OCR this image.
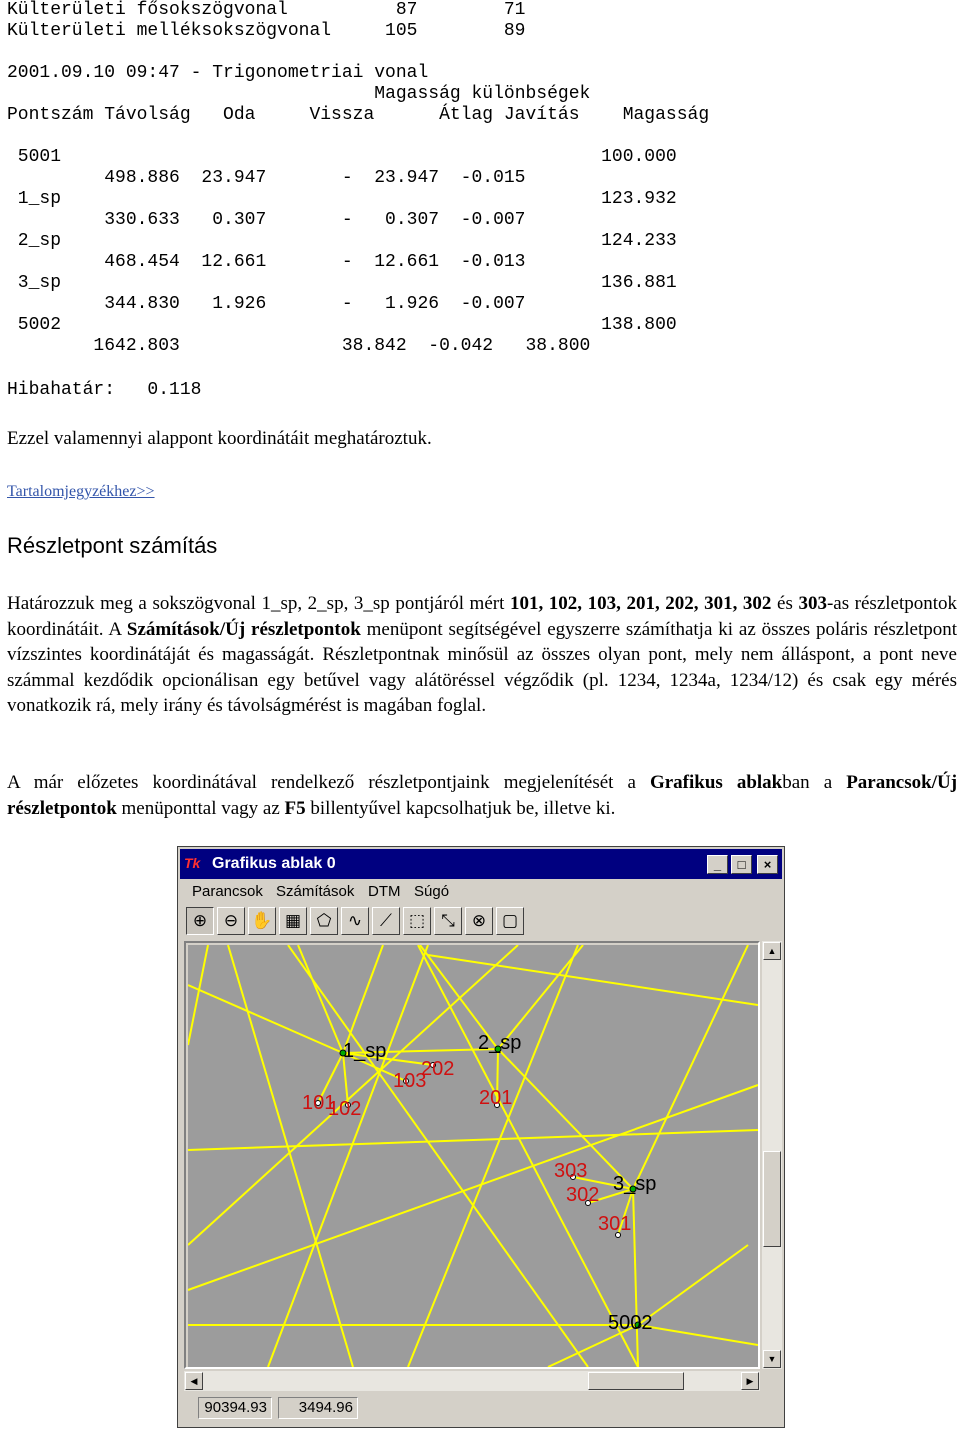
Külterületi fősokszögvonal          87        71
Külterületi melléksokszögvonal     105        89
2001.09.10 09:47 - Trigonometriai vonal
Magasság különbségek
Pontszám Távolság   Oda     Vissza      Átlag Javítás    Magasság

5001                                                  100.000
498.886  23.947       -  23.947  -0.015
1_sp                                                  123.932
330.633   0.307       -   0.307  -0.007
2_sp                                                  124.233
468.454  12.661       -  12.661  -0.013
3_sp                                                  136.881
344.830   1.926       -   1.926  -0.007
5002                                                  138.800
1642.803               38.842  -0.042   38.800
Hibahatár:   0.118
Ezzel valamennyi alappont koordinátáit meghatároztuk.
Tartalomjegyzékhez>>
Részletpont számítás

Határozzuk meg a sokszögvonal 1_sp, 2_sp, 3_sp pontjáról mért 101, 102, 103, 201, 202, 301, 302 és 303-as részletpontok koordinátáit. A Számítások/Új részletpontok menüpont segítségével egyszerre számíthatja ki az összes poláris részletpont vízszintes koordinátáját és magasságát. Részletpontnak minősül az összes olyan pont, mely nem álláspont, a pont neve számmal kezdődik opcionálisan egy betűvel vagy alátöréssel végződik (pl. 1234, 1234a, 1234/12) és csak egy mérés vonatkozik rá, mely irány és távolságmérést is magában foglal.

A már előzetes koordinátával rendelkező részletpontjaink megjelenítését a Grafikus ablakban a Parancsok/Új részletpontok menüponttal vagy az F5 billentyűvel kapcsolhatjuk be, illetve ki.

Tk Grafikus ablak 0	_	□	×
Parancsok Számítások DTM Súgó
⊕ ⊖ ✋ ▦ ⬠ ∿	⟋	⬚ ⤡	⊗ ▢
1_sp	2_sp
3_sp
5002
101
102
103
202
201
303
302
301
▲
▼
◀	▶
90394.93	3494.96
